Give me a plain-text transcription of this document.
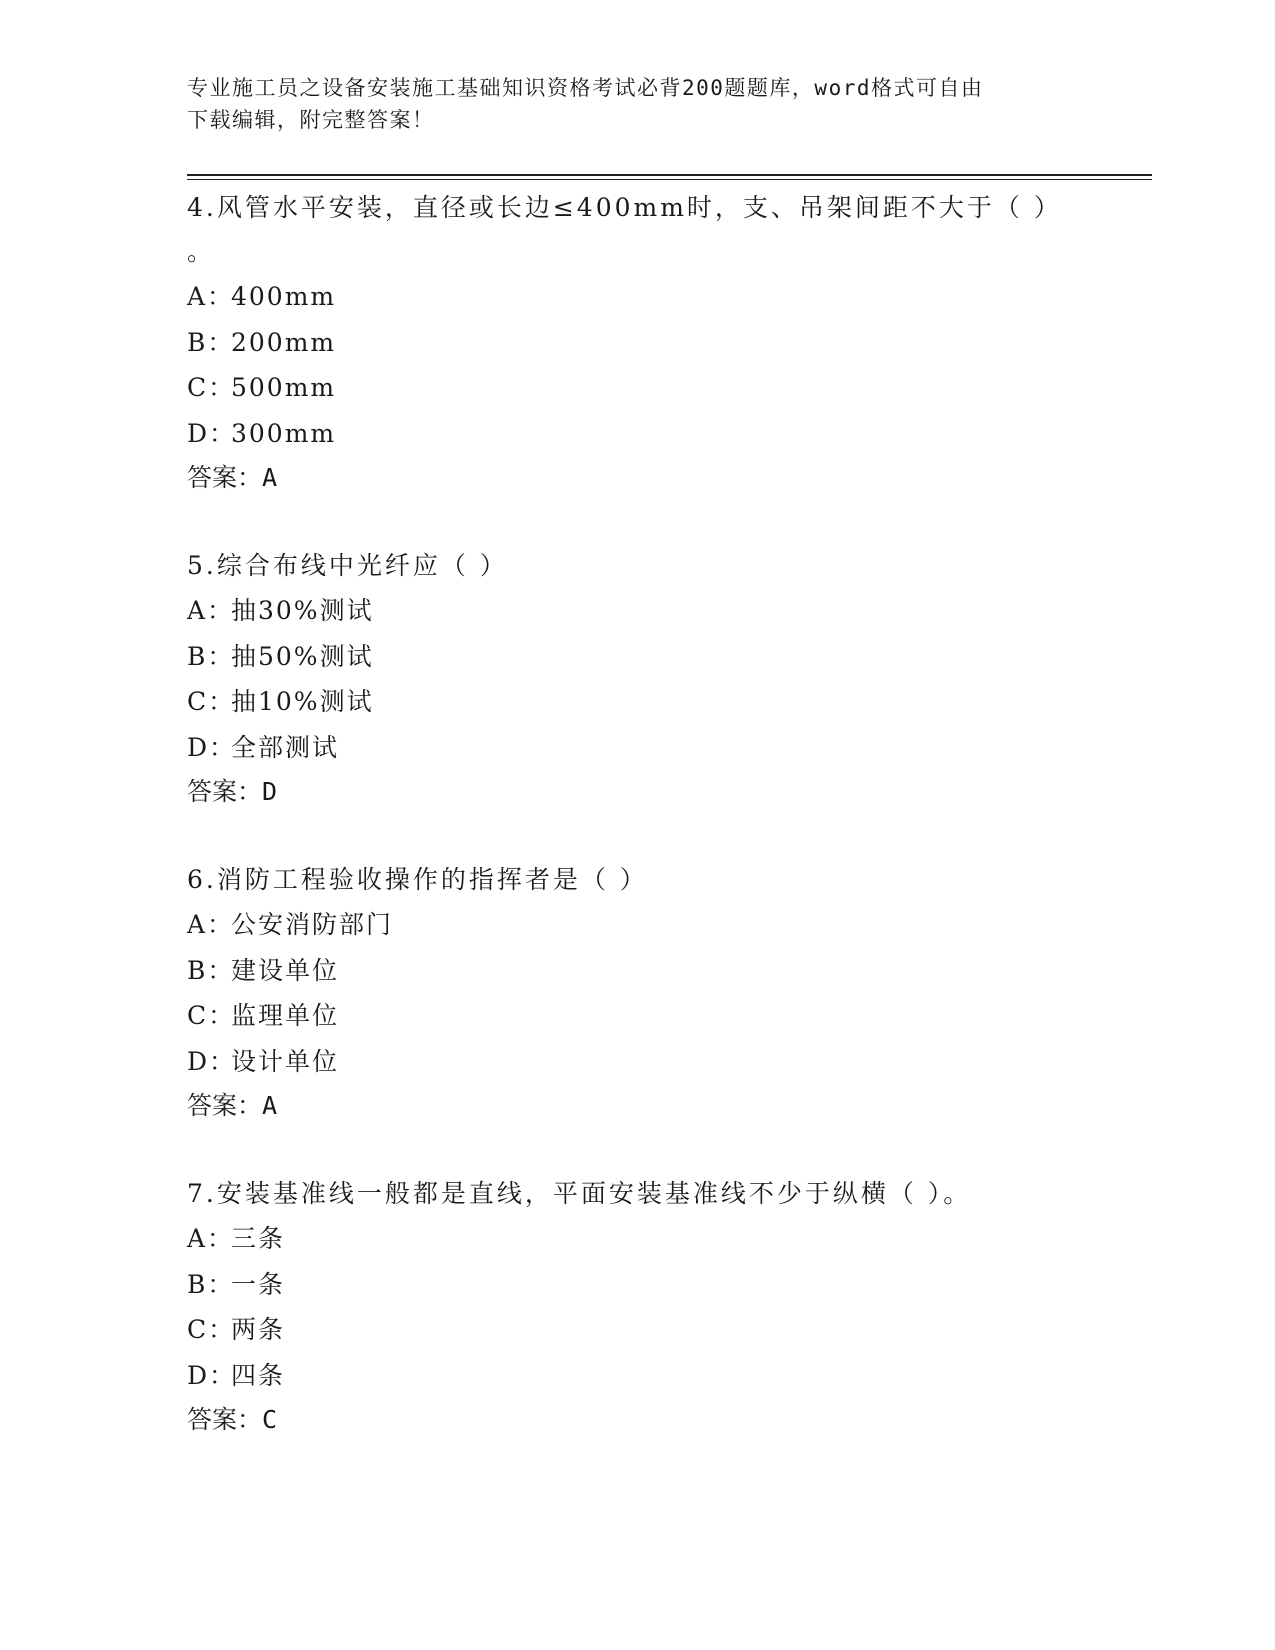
专业施工员之设备安装施工基础知识资格考试必背200题题库，word格式可自由
下载编辑，附完整答案！

4.风管水平安装，直径或长边≤400mm时，支、吊架间距不大于（ ）

。

A：
400mm

B：
200mm

C：
500mm

D：
300mm

答案：A

5.综合布线中光纤应（ ）

A：
抽30%测试

B：
抽50%测试

C：
抽10%测试

D：
全部测试

答案：D

6.消防工程验收操作的指挥者是（ ）

A：
公安消防部门

B：
建设单位

C：
监理单位

D：
设计单位

答案：A

7.安装基准线一般都是直线，平面安装基准线不少于纵横（ ）。

A：
三条

B：
一条

C：
两条

D：
四条

答案：C
